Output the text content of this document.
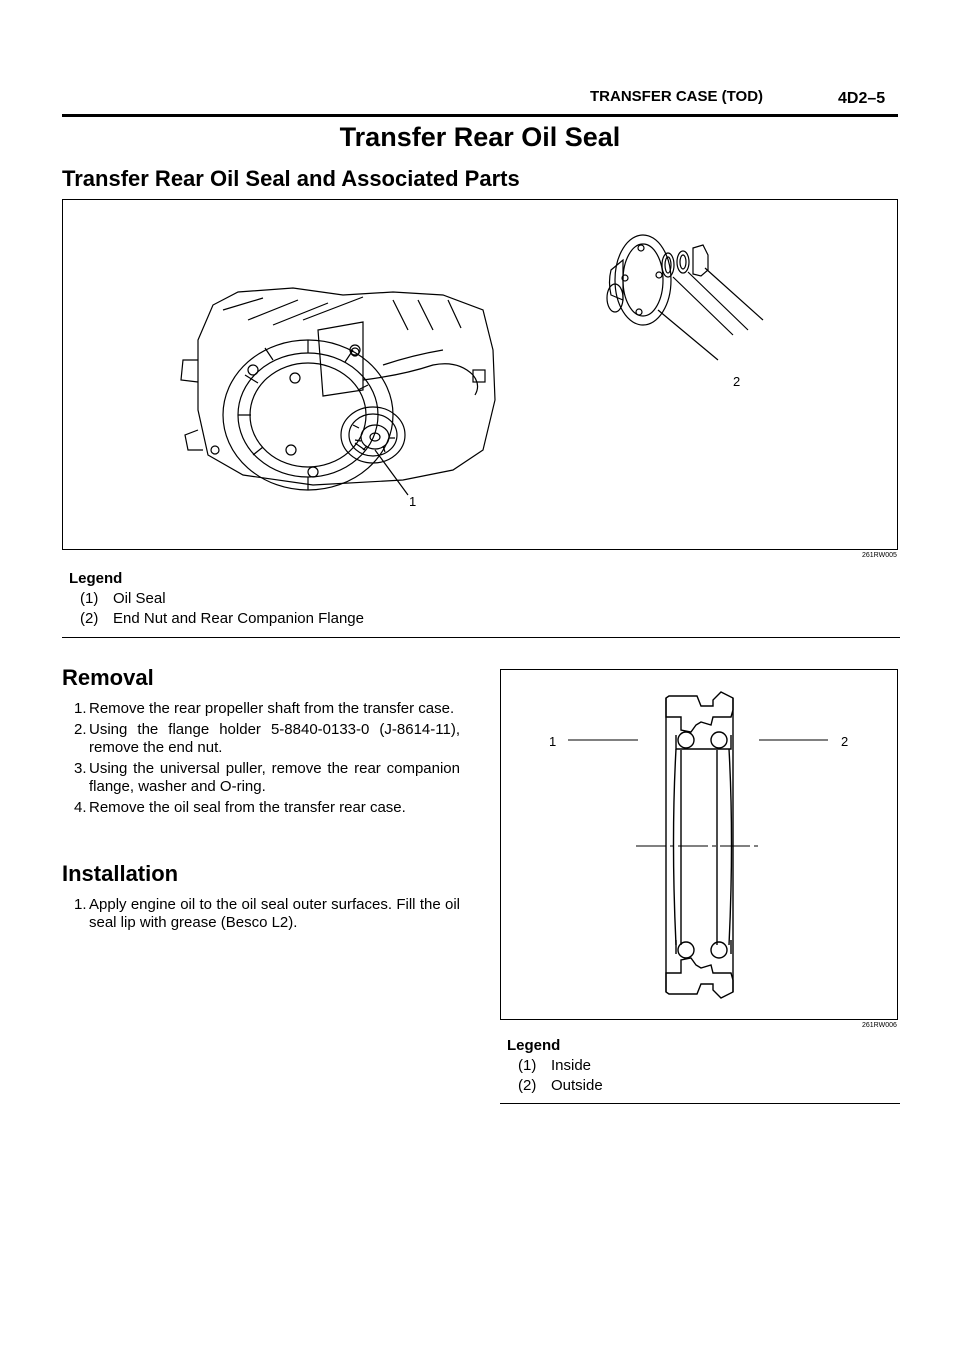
TRANSFER CASE (TOD)	4D2–5
Transfer Rear Oil Seal
Transfer Rear Oil Seal and Associated Parts
1
2
261RW005
Legend
(1) Oil Seal
(2) End Nut and Rear Companion Flange
Removal
1. Remove the rear propeller shaft from the transfer case.
2. Using the flange holder 5-8840-0133-0 (J-8614-11), remove the end nut.
3. Using the universal puller, remove the rear companion flange, washer and O-ring.
4. Remove the oil seal from the transfer rear case.
Installation
1. Apply engine oil to the oil seal outer surfaces. Fill the oil seal lip with grease (Besco L2).
1	2
261RW006
Legend
(1) Inside
(2) Outside
